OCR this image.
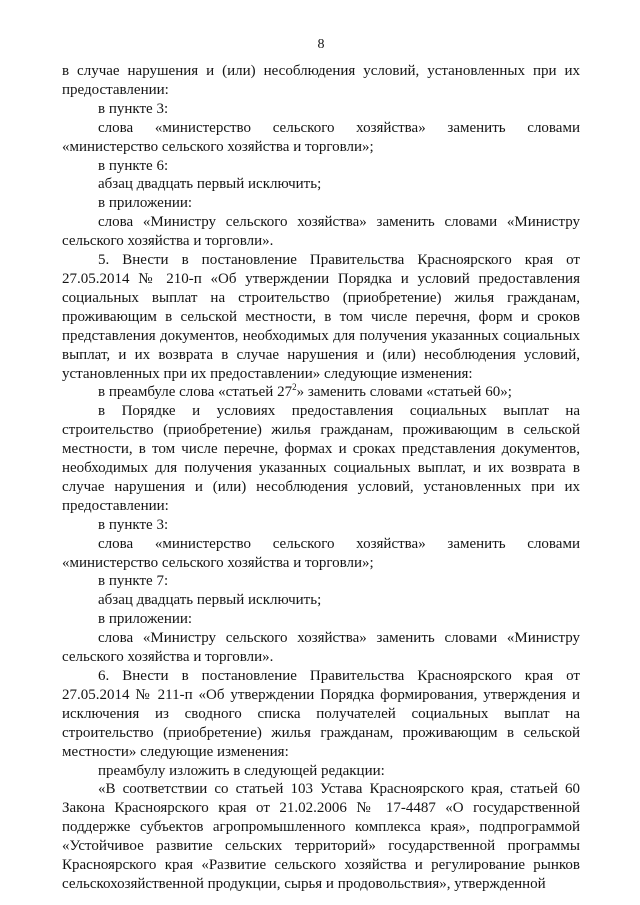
8

в случае нарушения и (или) несоблюдения условий, установленных при их предоставлении:

в пункте 3:

слова «министерство сельского хозяйства» заменить словами «министерство сельского хозяйства и торговли»;

в пункте 6:

абзац двадцать первый исключить;

в приложении:

слова «Министру сельского хозяйства» заменить словами «Министру сельского хозяйства и торговли».

5. Внести в постановление Правительства Красноярского края от 27.05.2014 № 210-п «Об утверждении Порядка и условий предоставления социальных выплат на строительство (приобретение) жилья гражданам, проживающим в сельской местности, в том числе перечня, форм и сроков представления документов, необходимых для получения указанных социальных выплат, и их возврата в случае нарушения и (или) несоблюдения условий, установленных при их предоставлении» следующие изменения:

в преамбуле слова «статьей $27^2$» заменить словами «статьей 60»;

в Порядке и условиях предоставления социальных выплат на строительство (приобретение) жилья гражданам, проживающим в сельской местности, в том числе перечне, формах и сроках представления документов, необходимых для получения указанных социальных выплат, и их возврата в случае нарушения и (или) несоблюдения условий, установленных при их предоставлении:

в пункте 3:

слова «министерство сельского хозяйства» заменить словами «министерство сельского хозяйства и торговли»;

в пункте 7:

абзац двадцать первый исключить;

в приложении:

слова «Министру сельского хозяйства» заменить словами «Министру сельского хозяйства и торговли».

6. Внести в постановление Правительства Красноярского края от 27.05.2014 № 211-п «Об утверждении Порядка формирования, утверждения и исключения из сводного списка получателей социальных выплат на строительство (приобретение) жилья гражданам, проживающим в сельской местности» следующие изменения:

преамбулу изложить в следующей редакции:

«В соответствии со статьей 103 Устава Красноярского края, статьей 60 Закона Красноярского края от 21.02.2006 № 17-4487 «О государственной поддержке субъектов агропромышленного комплекса края», подпрограммой «Устойчивое развитие сельских территорий» государственной программы Красноярского края «Развитие сельского хозяйства и регулирование рынков сельскохозяйственной продукции, сырья и продовольствия», утвержденной
